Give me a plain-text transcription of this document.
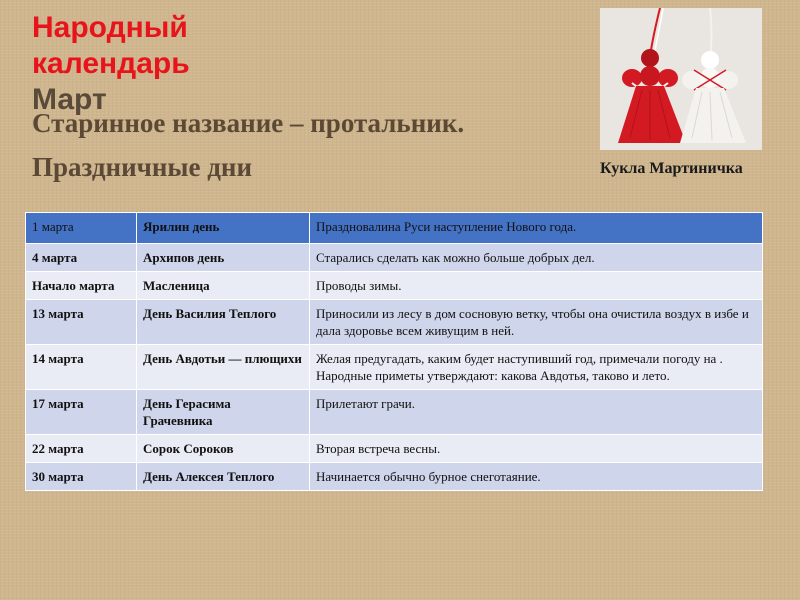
Народный
календарь
Март
Старинное название – протальник.
Праздничные дни	Кукла Мартиничка
1 марта	Ярилин день	Праздновалина Руси наступление Нового года.
4 марта	Архипов день	Старались сделать как можно больше добрых дел.
Начало марта	Масленица	Проводы зимы.
13 марта	День Василия Теплого	Приносили из лесу в дом сосновую ветку, чтобы она очистила воздух в избе и дала здоровье всем живущим в ней.
14 марта	День Авдотьи — плющихи	Желая предугадать, каким будет наступивший год, примечали погоду на . Народные приметы утверждают: какова Авдотья, таково и лето.
17 марта	День Герасима Грачевника	Прилетают грачи.
22 марта	Сорок Сороков	Вторая встреча весны.
30 марта	День Алексея Теплого	Начинается обычно бурное снеготаяние.
